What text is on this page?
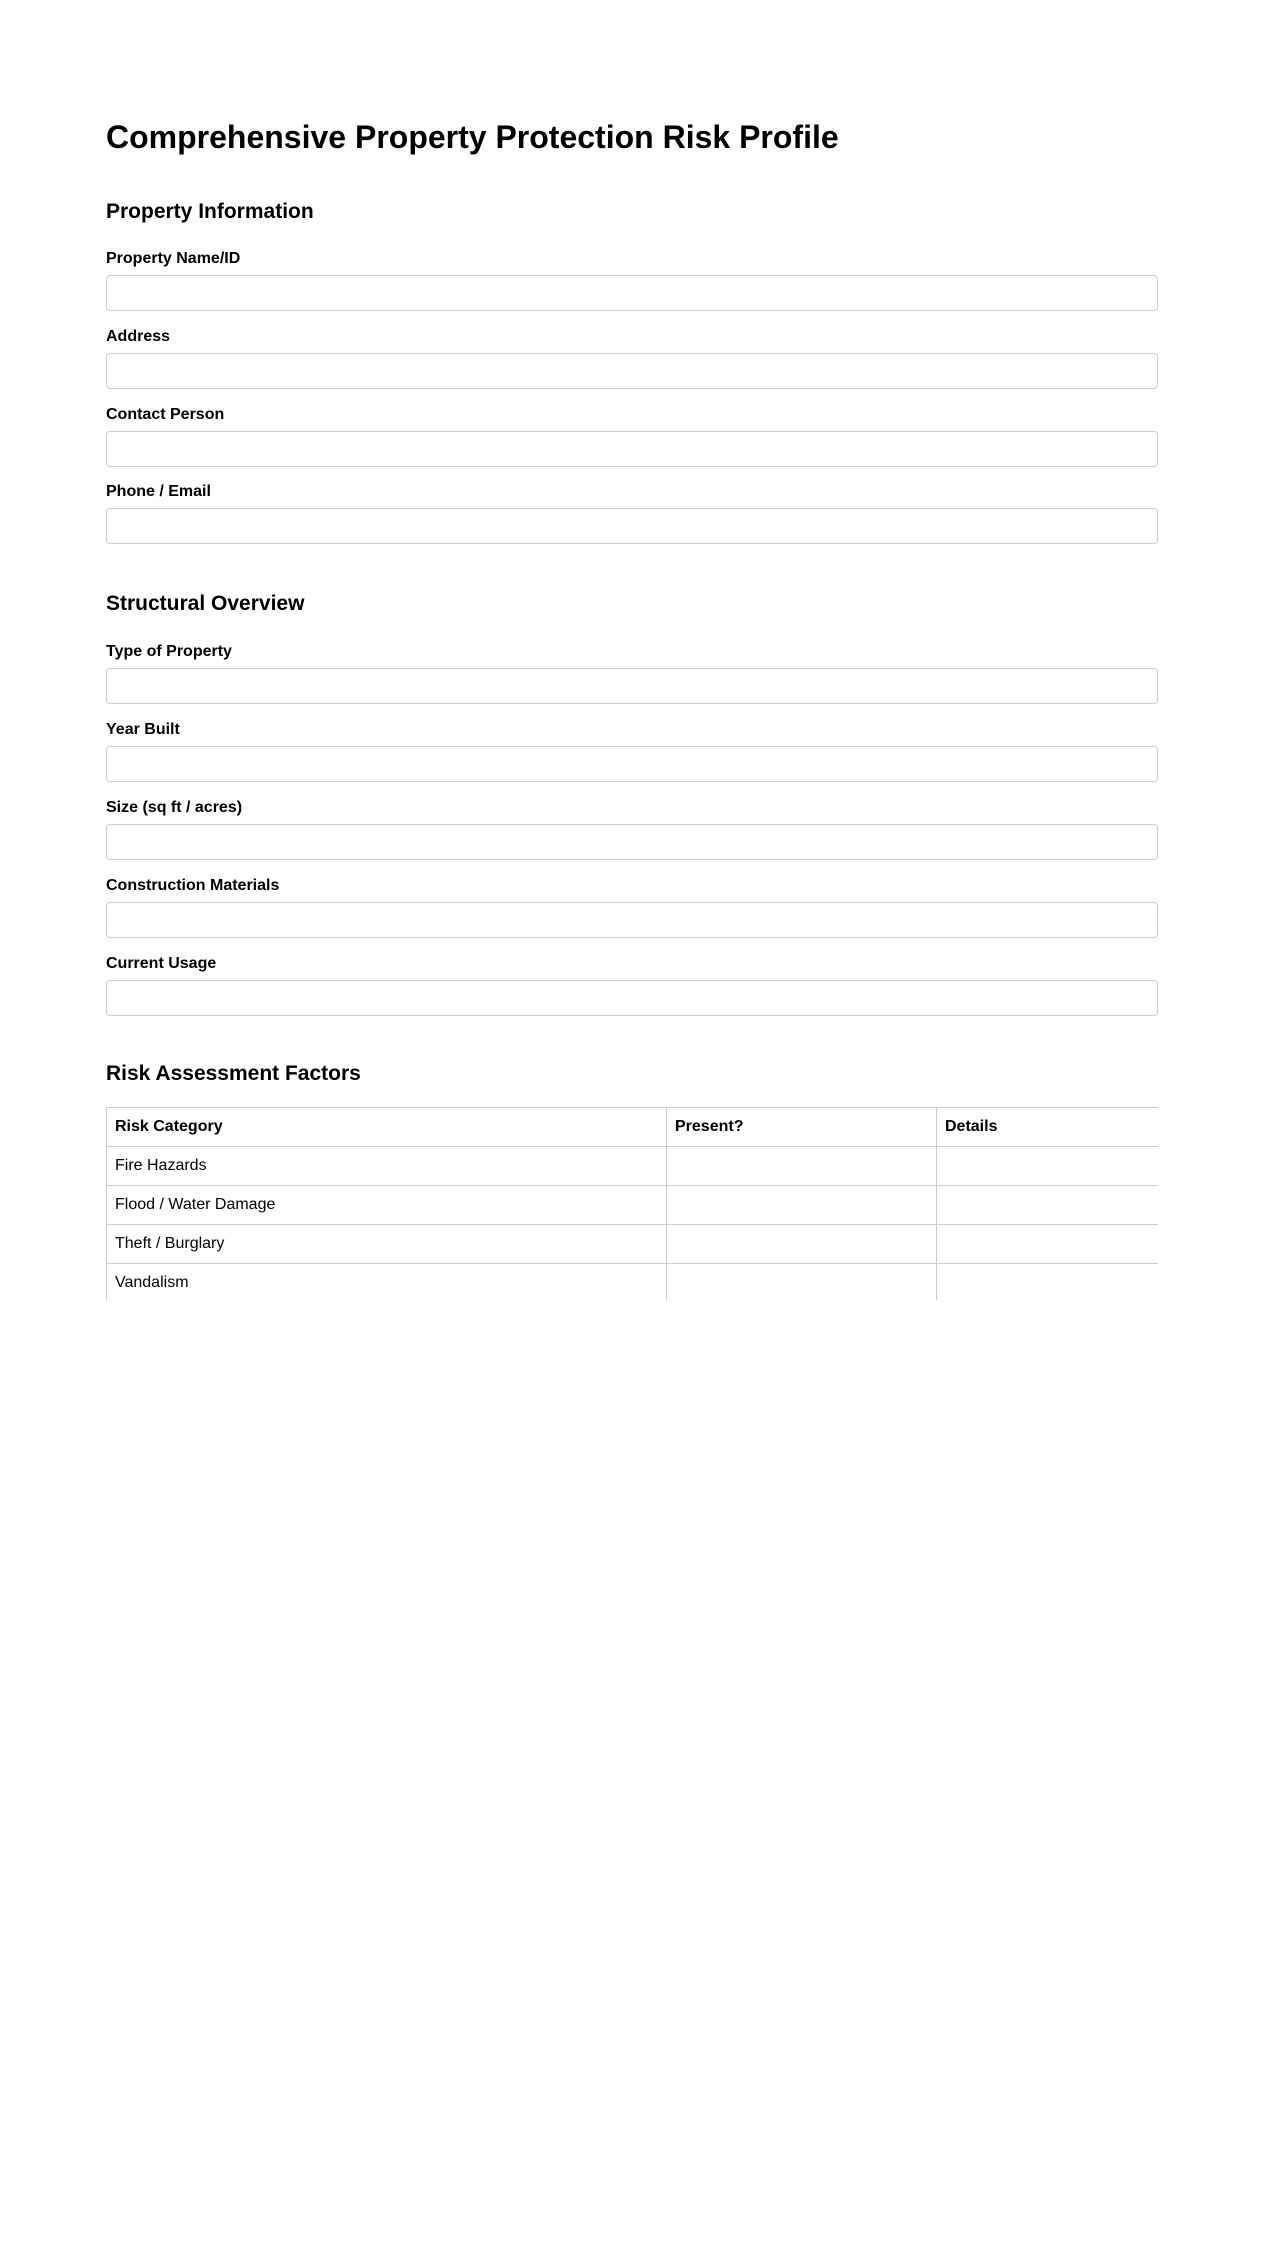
Comprehensive Property Protection Risk Profile
Property Information
Property Name/ID
Address
Contact Person
Phone / Email
Structural Overview
Type of Property
Year Built
Size (sq ft / acres)
Construction Materials
Current Usage
Risk Assessment Factors
Risk Category	Present?	Details
Fire Hazards		
Flood / Water Damage		
Theft / Burglary		
Vandalism		
